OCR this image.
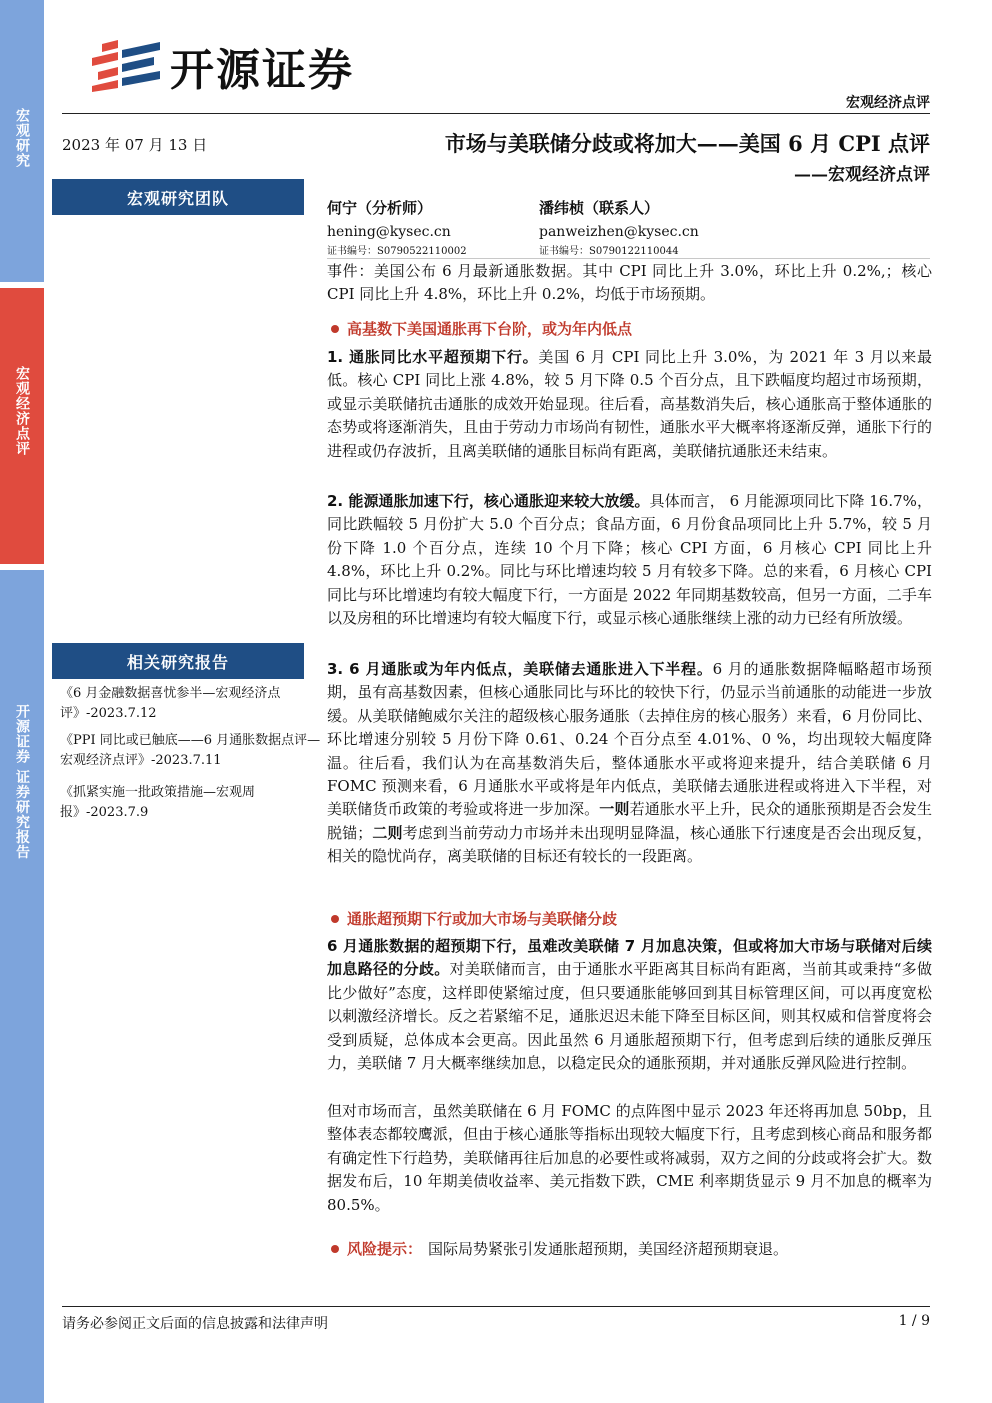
宏观研究
宏观经济点评
开源证券 证券研究报告
开源证券
宏观经济点评
2023 年 07 月 13 日	市场与美联储分歧或将加大——美国 6 月 CPI 点评
——宏观经济点评
宏观研究团队
相关研究报告
《6 月金融数据喜忧参半—宏观经济点评》-2023.7.12
《PPI 同比或已触底——6 月通胀数据点评—宏观经济点评》-2023.7.11
《抓紧实施一批政策措施—宏观周报》-2023.7.9
何宁（分析师）
hening@kysec.cn
证书编号：S0790522110002
潘纬桢（联系人）
panweizhen@kysec.cn
证书编号：S0790122110044

事件：美国公布 6 月最新通胀数据。其中 CPI 同比上升 3.0%，环比上升 0.2%,；核心 CPI 同比上升 4.8%，环比上升 0.2%，均低于市场预期。

高基数下美国通胀再下台阶，或为年内低点

1. 通胀同比水平超预期下行。美国 6 月 CPI 同比上升 3.0%，为 2021 年 3 月以来最低。核心 CPI 同比上涨 4.8%，较 5 月下降 0.5 个百分点，且下跌幅度均超过市场预期，或显示美联储抗击通胀的成效开始显现。往后看，高基数消失后，核心通胀高于整体通胀的态势或将逐渐消失，且由于劳动力市场尚有韧性，通胀水平大概率将逐渐反弹，通胀下行的进程或仍存波折，且离美联储的通胀目标尚有距离，美联储抗通胀还未结束。

2. 能源通胀加速下行，核心通胀迎来较大放缓。具体而言， 6 月能源项同比下降 16.7%，同比跌幅较 5 月份扩大 5.0 个百分点；食品方面，6 月份食品项同比上升 5.7%，较 5 月份下降 1.0 个百分点，连续 10 个月下降；核心 CPI 方面，6 月核心 CPI 同比上升 4.8%，环比上升 0.2%。同比与环比增速均较 5 月有较多下降。总的来看，6 月核心 CPI 同比与环比增速均有较大幅度下行，一方面是 2022 年同期基数较高，但另一方面，二手车以及房租的环比增速均有较大幅度下行，或显示核心通胀继续上涨的动力已经有所放缓。

3. 6 月通胀或为年内低点，美联储去通胀进入下半程。6 月的通胀数据降幅略超市场预期，虽有高基数因素，但核心通胀同比与环比的较快下行，仍显示当前通胀的动能进一步放缓。从美联储鲍威尔关注的超级核心服务通胀（去掉住房的核心服务）来看，6 月份同比、环比增速分别较 5 月份下降 0.61、0.24 个百分点至 4.01%、0 %，均出现较大幅度降温。往后看，我们认为在高基数消失后，整体通胀水平或将迎来提升，结合美联储 6 月 FOMC 预测来看，6 月通胀水平或将是年内低点，美联储去通胀进程或将进入下半程，对美联储货币政策的考验或将进一步加深。一则若通胀水平上升，民众的通胀预期是否会发生脱锚；二则考虑到当前劳动力市场并未出现明显降温，核心通胀下行速度是否会出现反复，相关的隐忧尚存，离美联储的目标还有较长的一段距离。

通胀超预期下行或加大市场与美联储分歧

6 月通胀数据的超预期下行，虽难改美联储 7 月加息决策，但或将加大市场与联储对后续加息路径的分歧。对美联储而言，由于通胀水平距离其目标尚有距离，当前其或秉持“多做比少做好”态度，这样即使紧缩过度，但只要通胀能够回到其目标管理区间，可以再度宽松以刺激经济增长。反之若紧缩不足，通胀迟迟未能下降至目标区间，则其权威和信誉度将会受到质疑，总体成本会更高。因此虽然 6 月通胀超预期下行，但考虑到后续的通胀反弹压力，美联储 7 月大概率继续加息，以稳定民众的通胀预期，并对通胀反弹风险进行控制。

但对市场而言，虽然美联储在 6 月 FOMC 的点阵图中显示 2023 年还将再加息 50bp，且整体表态都较鹰派，但由于核心通胀等指标出现较大幅度下行，且考虑到核心商品和服务都有确定性下行趋势，美联储再往后加息的必要性或将减弱，双方之间的分歧或将会扩大。数据发布后，10 年期美债收益率、美元指数下跌，CME 利率期货显示 9 月不加息的概率为 80.5%。

风险提示： 国际局势紧张引发通胀超预期，美国经济超预期衰退。
请务必参阅正文后面的信息披露和法律声明	1 / 9
